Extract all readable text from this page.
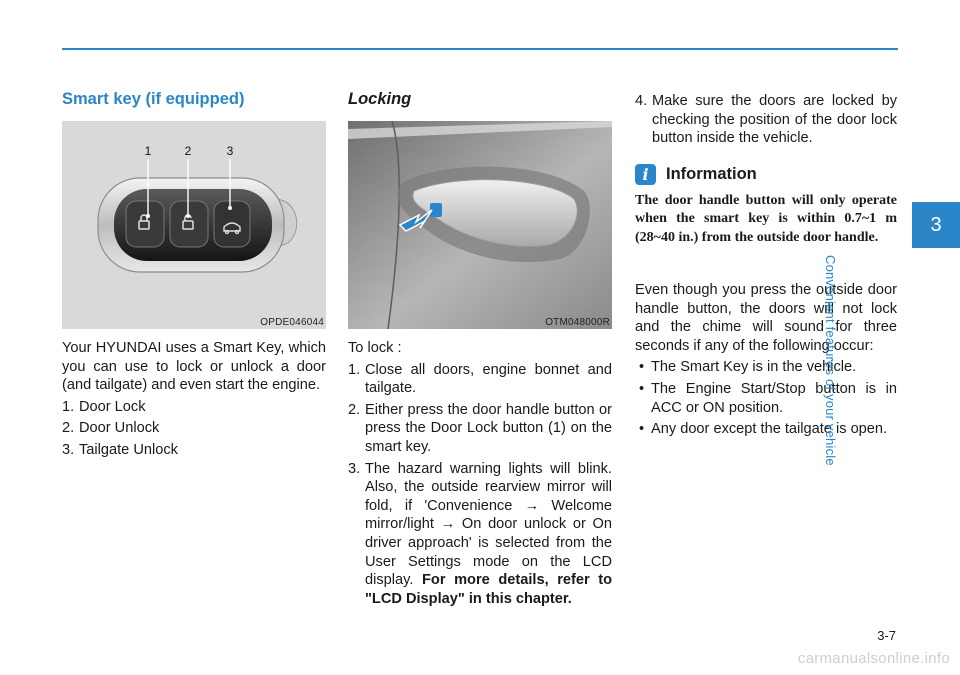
Smart key (if equipped)
1	2	3
OPDE046044

Your HYUNDAI uses a Smart Key, which you can use to lock or unlock a door (and tailgate) and even start the engine.

1. Door Lock
2. Door Unlock
3. Tailgate Unlock
Locking
OTM048000R

To lock :

1. Close all doors, engine bonnet and tailgate.
2. Either press the door handle button or press the Door Lock button (1) on the smart key.
3. The hazard warning lights will blink. Also, the outside rearview mirror will fold, if 'Convenience → Welcome mirror/light → On door unlock or On driver approach' is selected from the User Settings mode on the LCD display. For more details, refer to "LCD Display" in this chapter.
4. Make sure the doors are locked by checking the position of the door lock button inside the vehicle.
i	Information

The door handle button will only operate when the smart key is within 0.7~1 m (28~40 in.) from the outside door handle.

Even though you press the outside door handle button, the doors will not lock and the chime will sound for three seconds if any of the following occur:

• The Smart Key is in the vehicle.
• The Engine Start/Stop button is in ACC or ON position.
• Any door except the tailgate is open.
3
Convenient features of your vehicle
3-7
carmanualsonline.info
